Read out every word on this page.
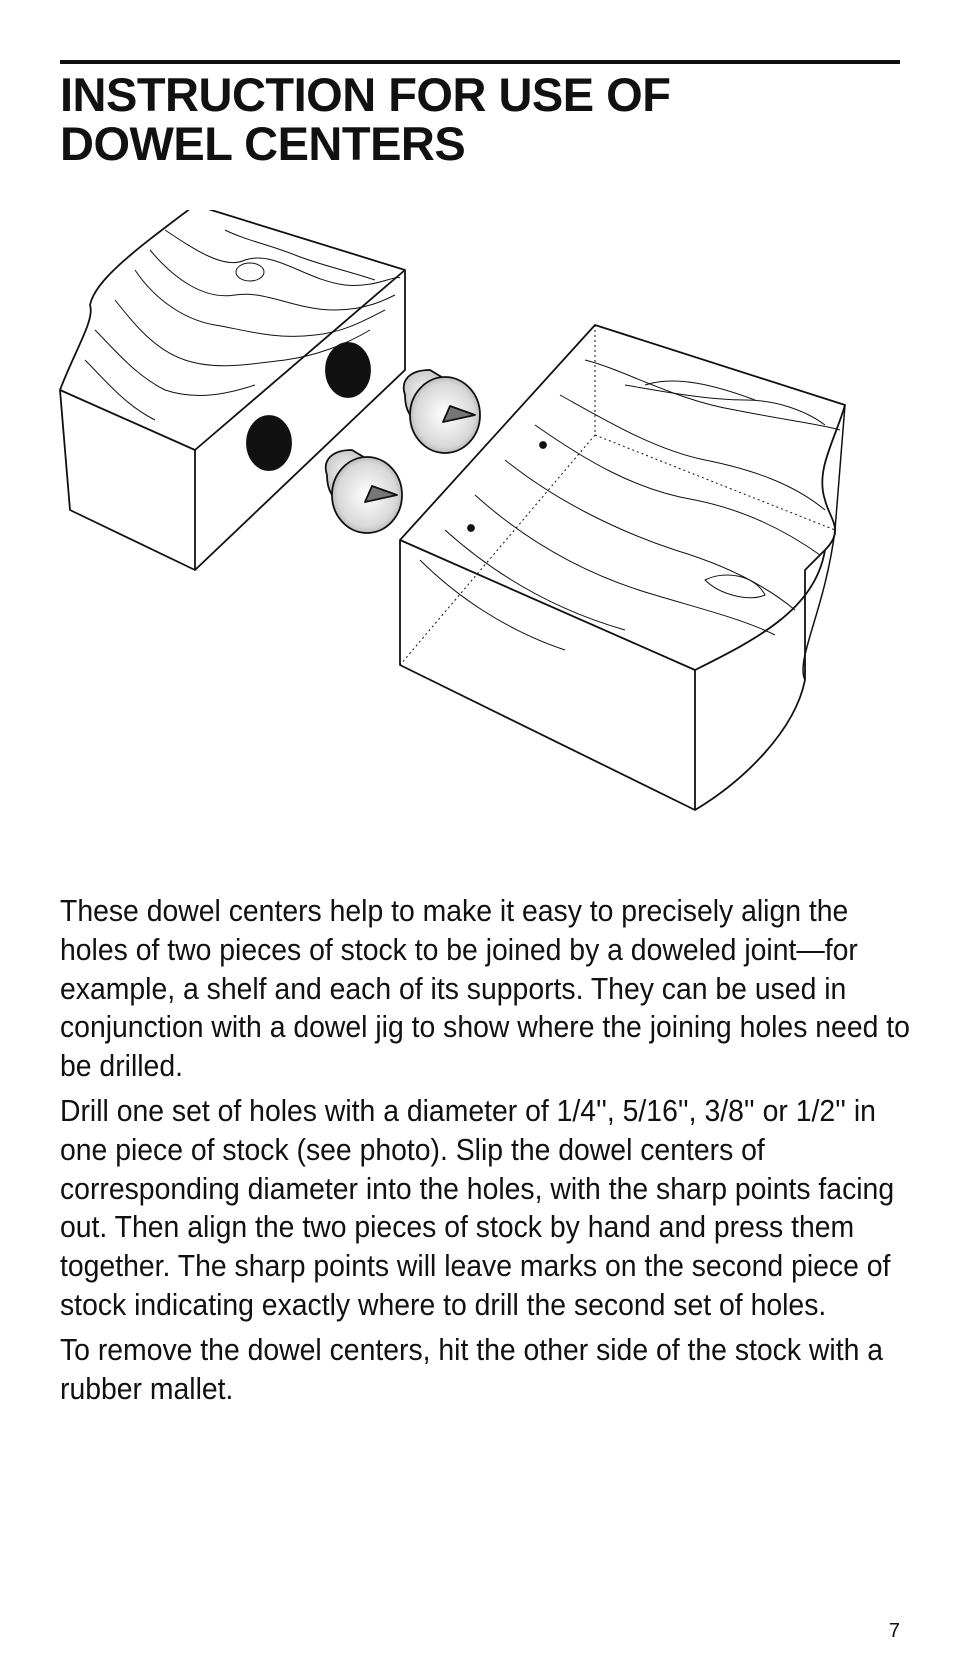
INSTRUCTION FOR USE OF
DOWEL CENTERS

These dowel centers help to make it easy to precisely align the holes of two pieces of stock to be joined by a doweled joint—for example, a shelf and each of its supports. They can be used in conjunction with a dowel jig to show where the joining holes need to be drilled.

Drill one set of holes with a diameter of 1/4'', 5/16'', 3/8'' or 1/2'' in one piece of stock (see photo). Slip the dowel centers of corresponding diameter into the holes, with the sharp points facing out. Then align the two pieces of stock by hand and press them together. The sharp points will leave marks on the second piece of stock indicating exactly where to drill the second set of holes.

To remove the dowel centers, hit the other side of the stock with a rubber mallet.

7
